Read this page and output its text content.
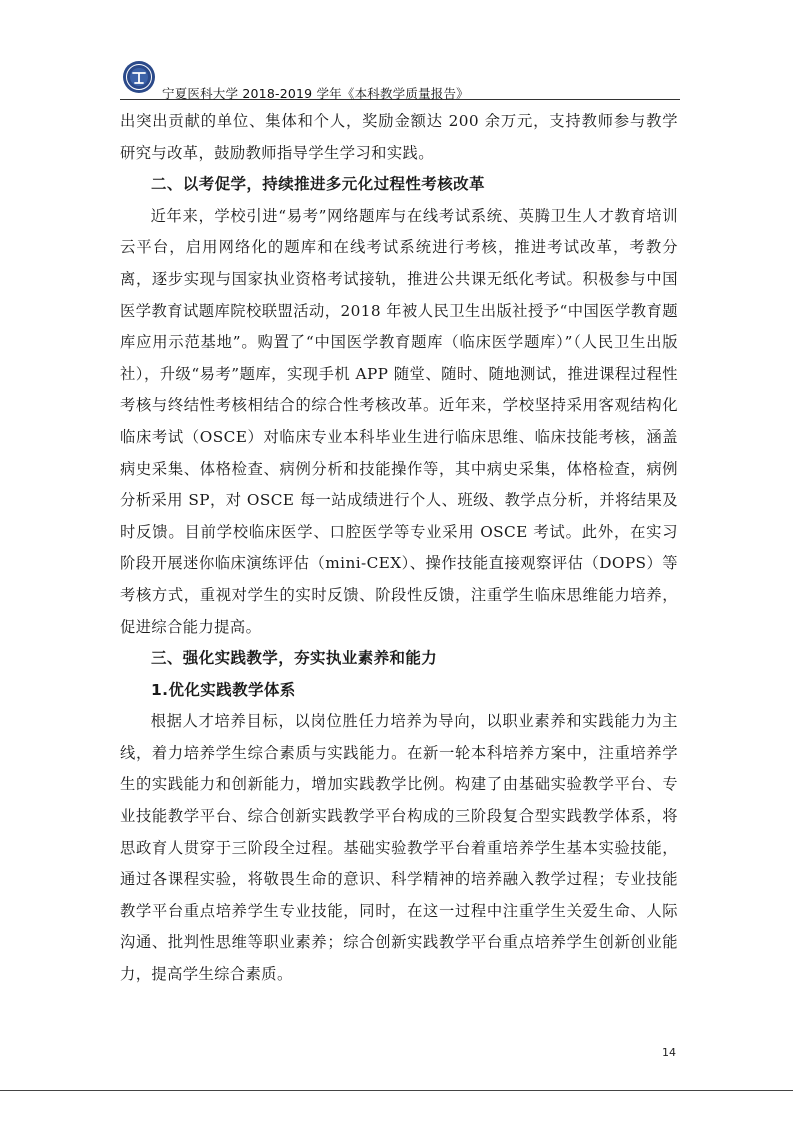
宁夏医科大学 2018-2019 学年《本科教学质量报告》

出突出贡献的单位、集体和个人，奖励金额达 200 余万元，支持教师参与教学研究与改革，鼓励教师指导学生学习和实践。

二、以考促学，持续推进多元化过程性考核改革

近年来，学校引进“易考”网络题库与在线考试系统、英腾卫生人才教育培训云平台，启用网络化的题库和在线考试系统进行考核，推进考试改革，考教分离，逐步实现与国家执业资格考试接轨，推进公共课无纸化考试。积极参与中国医学教育试题库院校联盟活动，2018 年被人民卫生出版社授予“中国医学教育题库应用示范基地”。购置了“中国医学教育题库（临床医学题库）”（人民卫生出版社），升级“易考”题库，实现手机 APP 随堂、随时、随地测试，推进课程过程性考核与终结性考核相结合的综合性考核改革。近年来，学校坚持采用客观结构化临床考试（OSCE）对临床专业本科毕业生进行临床思维、临床技能考核，涵盖病史采集、体格检查、病例分析和技能操作等，其中病史采集，体格检查，病例分析采用 SP，对 OSCE 每一站成绩进行个人、班级、教学点分析，并将结果及时反馈。目前学校临床医学、口腔医学等专业采用 OSCE 考试。此外，在实习阶段开展迷你临床演练评估（mini-CEX）、操作技能直接观察评估（DOPS）等考核方式，重视对学生的实时反馈、阶段性反馈，注重学生临床思维能力培养，促进综合能力提高。

三、强化实践教学，夯实执业素养和能力
1.优化实践教学体系

根据人才培养目标，以岗位胜任力培养为导向，以职业素养和实践能力为主线，着力培养学生综合素质与实践能力。在新一轮本科培养方案中，注重培养学生的实践能力和创新能力，增加实践教学比例。构建了由基础实验教学平台、专业技能教学平台、综合创新实践教学平台构成的三阶段复合型实践教学体系，将思政育人贯穿于三阶段全过程。基础实验教学平台着重培养学生基本实验技能，通过各课程实验，将敬畏生命的意识、科学精神的培养融入教学过程；专业技能教学平台重点培养学生专业技能，同时，在这一过程中注重学生关爱生命、人际沟通、批判性思维等职业素养；综合创新实践教学平台重点培养学生创新创业能力，提高学生综合素质。

14
